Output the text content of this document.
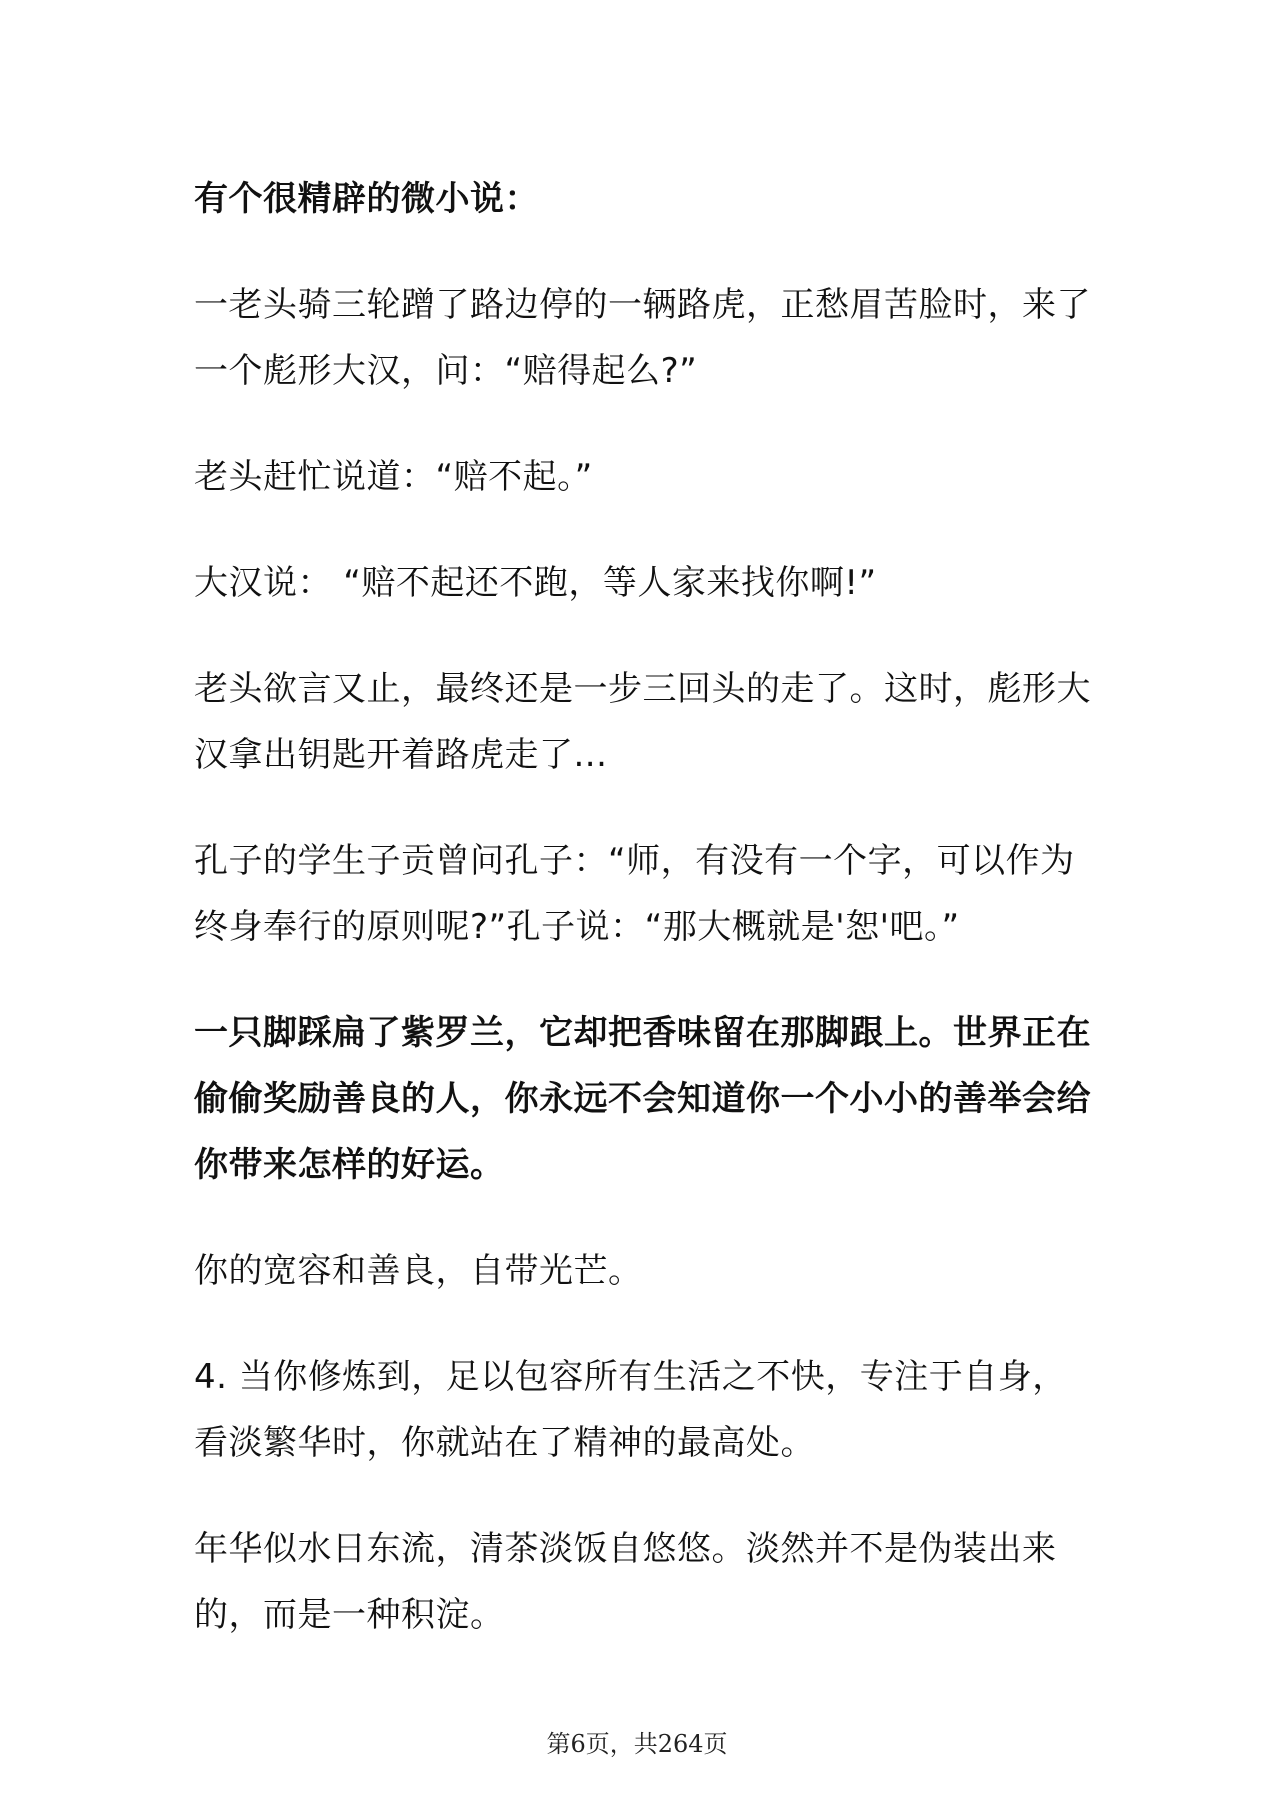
有个很精辟的微小说：

一老头骑三轮蹭了路边停的一辆路虎，正愁眉苦脸时，来了一个彪形大汉，问：“赔得起么?”

老头赶忙说道：“赔不起。”

大汉说： “赔不起还不跑，等人家来找你啊!”

老头欲言又止，最终还是一步三回头的走了。这时，彪形大汉拿出钥匙开着路虎走了...

孔子的学生子贡曾问孔子：“师，有没有一个字，可以作为终身奉行的原则呢?”孔子说：“那大概就是'恕'吧。”

一只脚踩扁了紫罗兰，它却把香味留在那脚跟上。世界正在偷偷奖励善良的人，你永远不会知道你一个小小的善举会给你带来怎样的好运。

你的宽容和善良，自带光芒。

4. 当你修炼到，足以包容所有生活之不快，专注于自身，看淡繁华时，你就站在了精神的最高处。

年华似水日东流，清茶淡饭自悠悠。淡然并不是伪装出来的，而是一种积淀。

第6页，共264页
